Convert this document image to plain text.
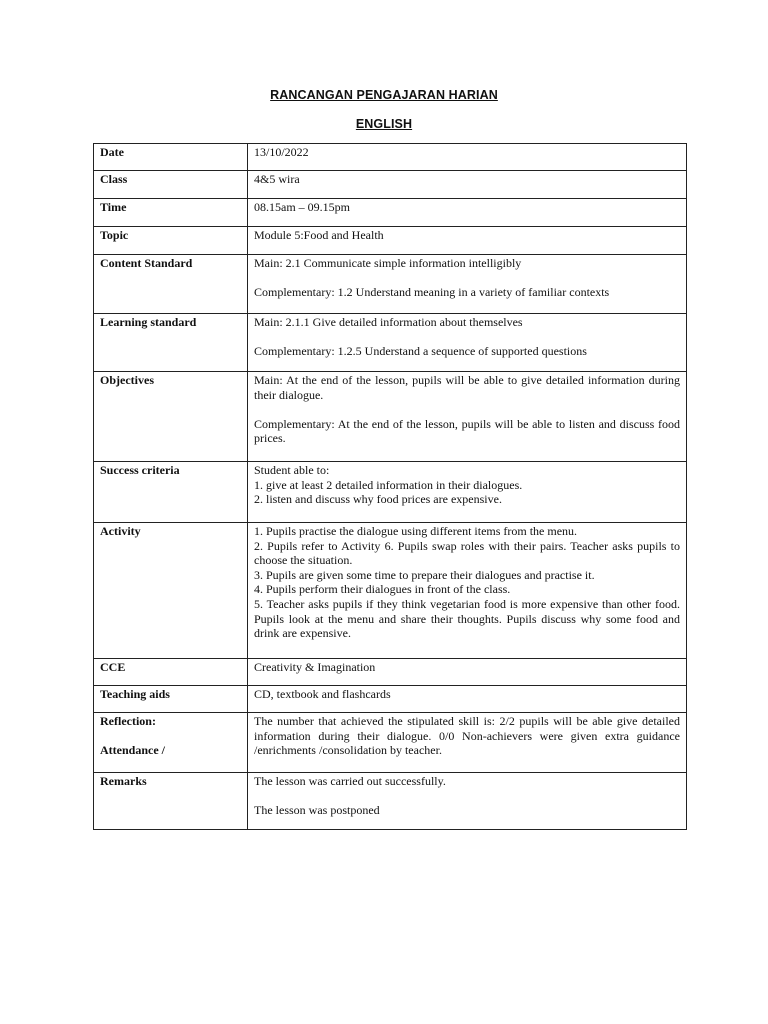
RANCANGAN PENGAJARAN HARIAN
ENGLISH
Date	13/10/2022
Class	4&5 wira
Time	08.15am – 09.15pm
Topic	Module 5:Food and Health
Content Standard	Main: 2.1 Communicate simple information intelligibly

Complementary: 1.2 Understand meaning in a variety of familiar contexts

Learning standard	Main: 2.1.1 Give detailed information about themselves

Complementary: 1.2.5 Understand a sequence of supported questions

Objectives	Main: At the end of the lesson, pupils will be able to give detailed information during their dialogue.

Complementary: At the end of the lesson, pupils will be able to listen and discuss food prices.

Success criteria	Student able to:
1. give at least 2 detailed information in their dialogues.
2. listen and discuss why food prices are expensive.

Activity	1. Pupils practise the dialogue using different items from the menu.
2. Pupils refer to Activity 6. Pupils swap roles with their pairs. Teacher asks pupils to choose the situation.
3. Pupils are given some time to prepare their dialogues and practise it.
4. Pupils perform their dialogues in front of the class.
5. Teacher asks pupils if they think vegetarian food is more expensive than other food. Pupils look at the menu and share their thoughts. Pupils discuss why some food and drink are expensive.

CCE	Creativity & Imagination
Teaching aids	CD, textbook and flashcards

Reflection:

Attendance /	The number that achieved the stipulated skill is: 2/2 pupils will be able give detailed information during their dialogue. 0/0 Non-achievers were given extra guidance /enrichments /consolidation by teacher.
Remarks	The lesson was carried out successfully.

The lesson was postponed
